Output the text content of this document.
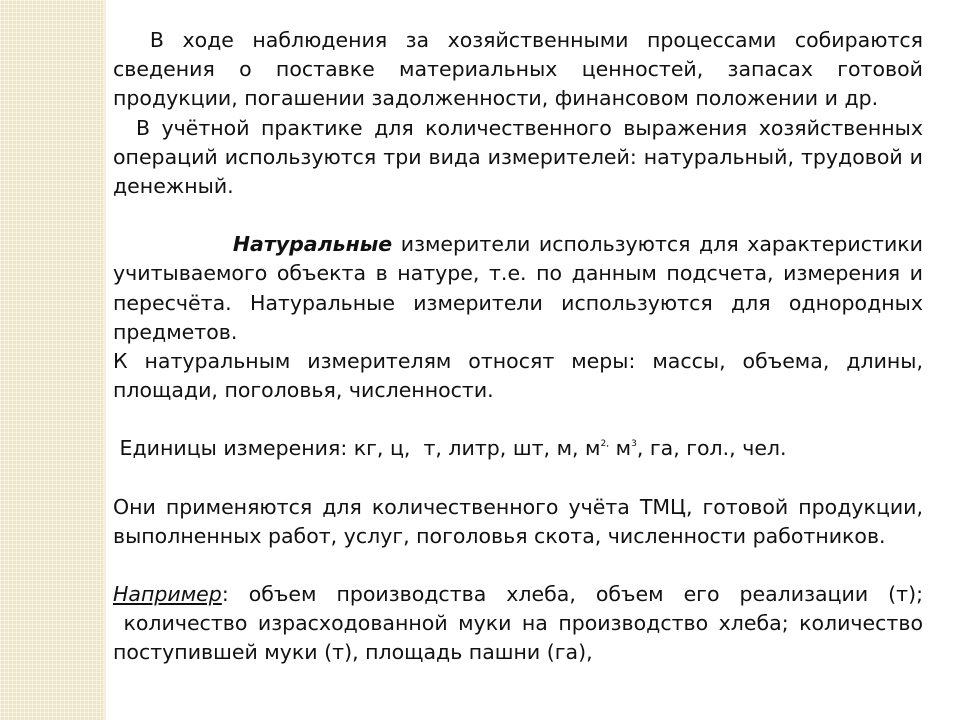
В ходе наблюдения за хозяйственными процессами собираются сведения о поставке материальных ценностей, запасах готовой продукции, погашении задолженности, финансовом положении и др.

В учётной практике для количественного выражения хозяйственных операций используются три вида измерителей: натуральный, трудовой и денежный.

Натуральные измерители используются для характеристики учитываемого объекта в натуре, т.е. по данным подсчета, измерения и пересчёта. Натуральные измерители используются для однородных предметов.

К натуральным измерителям относят меры: массы, объема, длины, площади, поголовья, численности.

Единицы измерения: кг, ц,  т, литр, шт, м, $м^{2,}$ $м^3$, га, гол., чел.

Они применяются для количественного учёта ТМЦ, готовой продукции, выполненных работ, услуг, поголовья скота, численности работников.

Например: объем производства хлеба, объем его реализации (т);  количество израсходованной муки на производство хлеба; количество поступившей муки (т), площадь пашни (га),
